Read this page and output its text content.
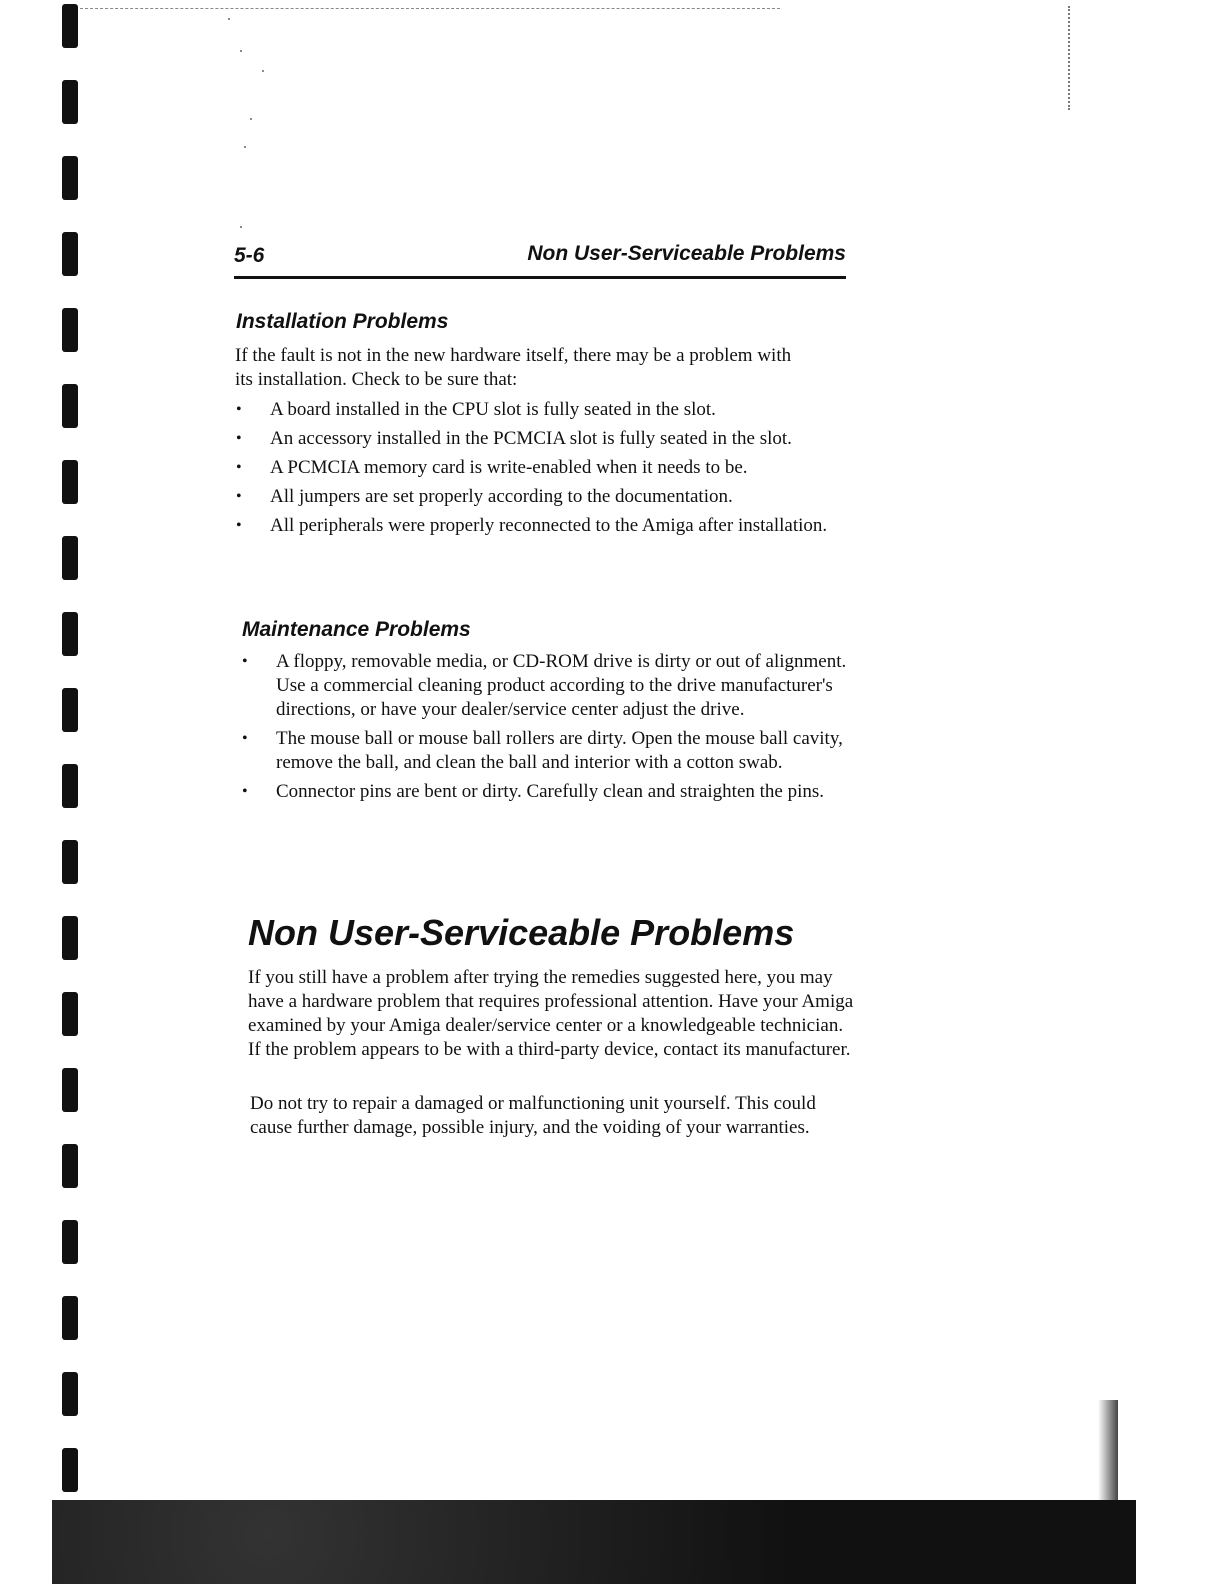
5-6	Non User-Serviceable Problems
Installation Problems

If the fault is not in the new hardware itself, there may be a problem with its installation. Check to be sure that:

• A board installed in the CPU slot is fully seated in the slot.
• An accessory installed in the PCMCIA slot is fully seated in the slot.
• A PCMCIA memory card is write-enabled when it needs to be.
• All jumpers are set properly according to the documentation.
• All peripherals were properly reconnected to the Amiga after installation.
Maintenance Problems
• A floppy, removable media, or CD-ROM drive is dirty or out of alignment. Use a commercial cleaning product according to the drive manufacturer's directions, or have your dealer/service center adjust the drive.
• The mouse ball or mouse ball rollers are dirty. Open the mouse ball cavity, remove the ball, and clean the ball and interior with a cotton swab.
• Connector pins are bent or dirty. Carefully clean and straighten the pins.
Non User-Serviceable Problems

If you still have a problem after trying the remedies suggested here, you may have a hardware problem that requires professional attention. Have your Amiga examined by your Amiga dealer/service center or a knowledgeable technician. If the problem appears to be with a third-party device, contact its manufacturer.

Do not try to repair a damaged or malfunctioning unit yourself. This could cause further damage, possible injury, and the voiding of your warranties.
